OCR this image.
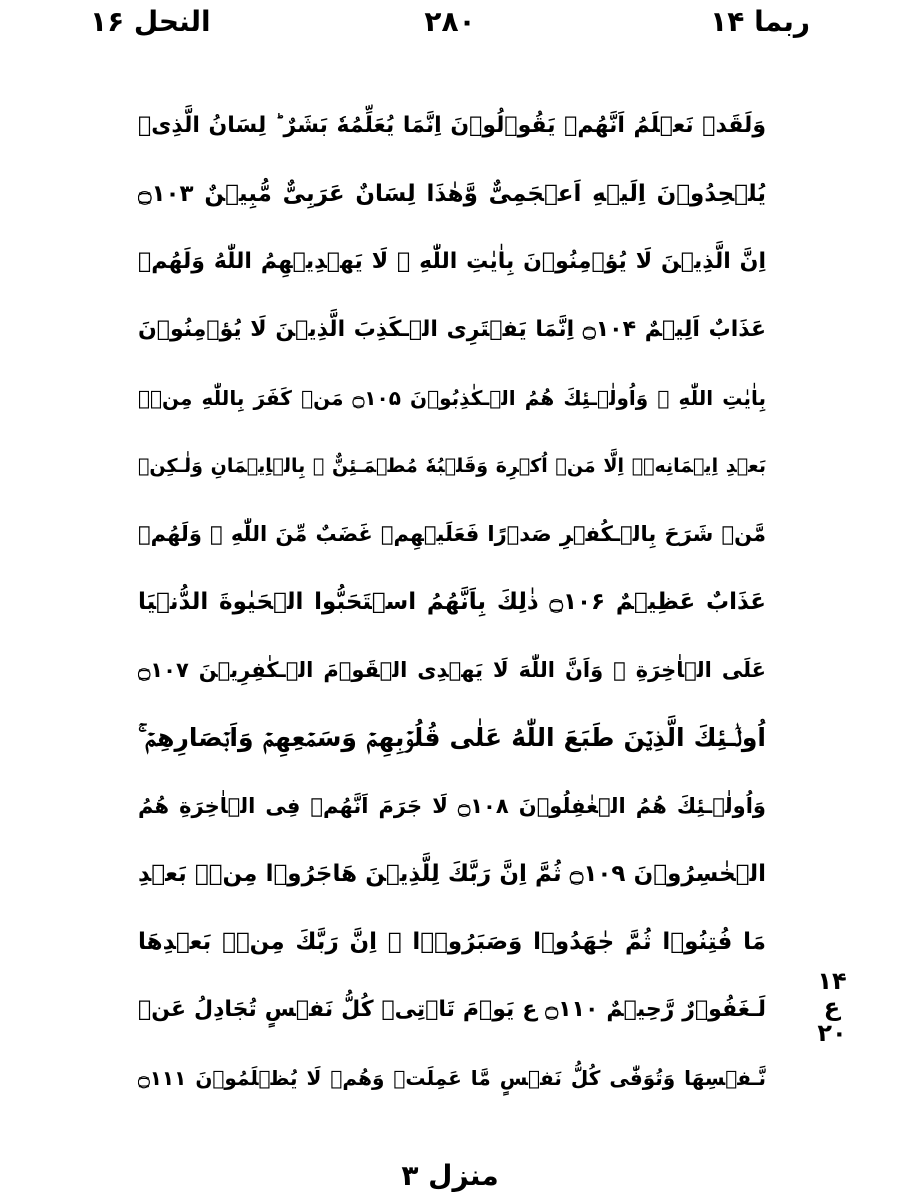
ربما ۱۴
۲۸۰
النحل ۱۶
وَلَقَدۡ نَعۡلَمُ اَنَّهُمۡ يَقُوۡلُوۡنَ اِنَّمَا يُعَلِّمُهٗ بَشَرٌ‌ ؕ لِسَانُ الَّذِىۡ
يُلۡحِدُوۡنَ اِلَيۡهِ اَعۡجَمِىٌّ وَّهٰذَا لِسَانٌ عَرَبِىٌّ مُّبِيۡنٌ ۝۱۰۳
اِنَّ الَّذِيۡنَ لَا يُؤۡمِنُوۡنَ بِاٰيٰتِ اللّٰهِ‌ ۙ لَا يَهۡدِيۡهِمُ اللّٰهُ وَلَهُمۡ
عَذَابٌ اَلِيۡمٌ ۝۱۰۴ اِنَّمَا يَفۡتَرِى الۡـكَذِبَ الَّذِيۡنَ لَا يُؤۡمِنُوۡنَ
بِاٰيٰتِ اللّٰهِ‌ ۚ وَاُولٰۤـئِكَ هُمُ الۡـكٰذِبُوۡنَ ۝۱۰۵ مَنۡ كَفَرَ بِاللّٰهِ مِنۡۢ
بَعۡدِ اِيۡمَانِهٖۤ اِلَّا مَنۡ اُكۡرِهَ وَقَلۡبُهٗ مُطۡمَـئِنٌّ ۢ بِالۡاِيۡمَانِ وَلٰـكِنۡ
مَّنۡ شَرَحَ بِالۡـكُفۡرِ صَدۡرًا فَعَلَيۡهِمۡ غَضَبٌ مِّنَ اللّٰهِ‌ ۚ وَلَهُمۡ
عَذَابٌ عَظِيۡمٌ ۝۱۰۶ ذٰلِكَ بِاَنَّهُمُ اسۡتَحَبُّوا الۡحَيٰوةَ الدُّنۡيَا
عَلَى الۡاٰخِرَةِ ۙ وَاَنَّ اللّٰهَ لَا يَهۡدِى الۡقَوۡمَ الۡـكٰفِرِيۡنَ ۝۱۰۷
اُولٰۤـئِكَ الَّذِيۡنَ طَبَعَ اللّٰهُ عَلٰى قُلُوۡبِهِمۡ وَسَمۡعِهِمۡ وَاَبۡصَارِهِمۡ‌ ۚ
وَاُولٰۤـئِكَ هُمُ الۡغٰفِلُوۡنَ ۝۱۰۸ لَا جَرَمَ اَنَّهُمۡ فِى الۡاٰخِرَةِ هُمُ
الۡخٰسِرُوۡنَ ۝۱۰۹ ثُمَّ اِنَّ رَبَّكَ لِلَّذِيۡنَ هَاجَرُوۡا مِنۡۢ بَعۡدِ
مَا فُتِنُوۡا ثُمَّ جٰهَدُوۡا وَصَبَرُوۡۤا ۙ اِنَّ رَبَّكَ مِنۡۢ بَعۡدِهَا
لَـغَفُوۡرٌ رَّحِيۡمٌ ۝۱۱۰ ع يَوۡمَ تَاۡتِىۡ كُلُّ نَفۡسٍ تُجَادِلُ عَنۡ
نَّـفۡسِهَا وَتُوَفّٰى كُلُّ نَفۡسٍ مَّا عَمِلَتۡ وَهُمۡ لَا يُظۡلَمُوۡنَ ۝۱۱۱
۱۴
ع
۲۰
منزل ۳
